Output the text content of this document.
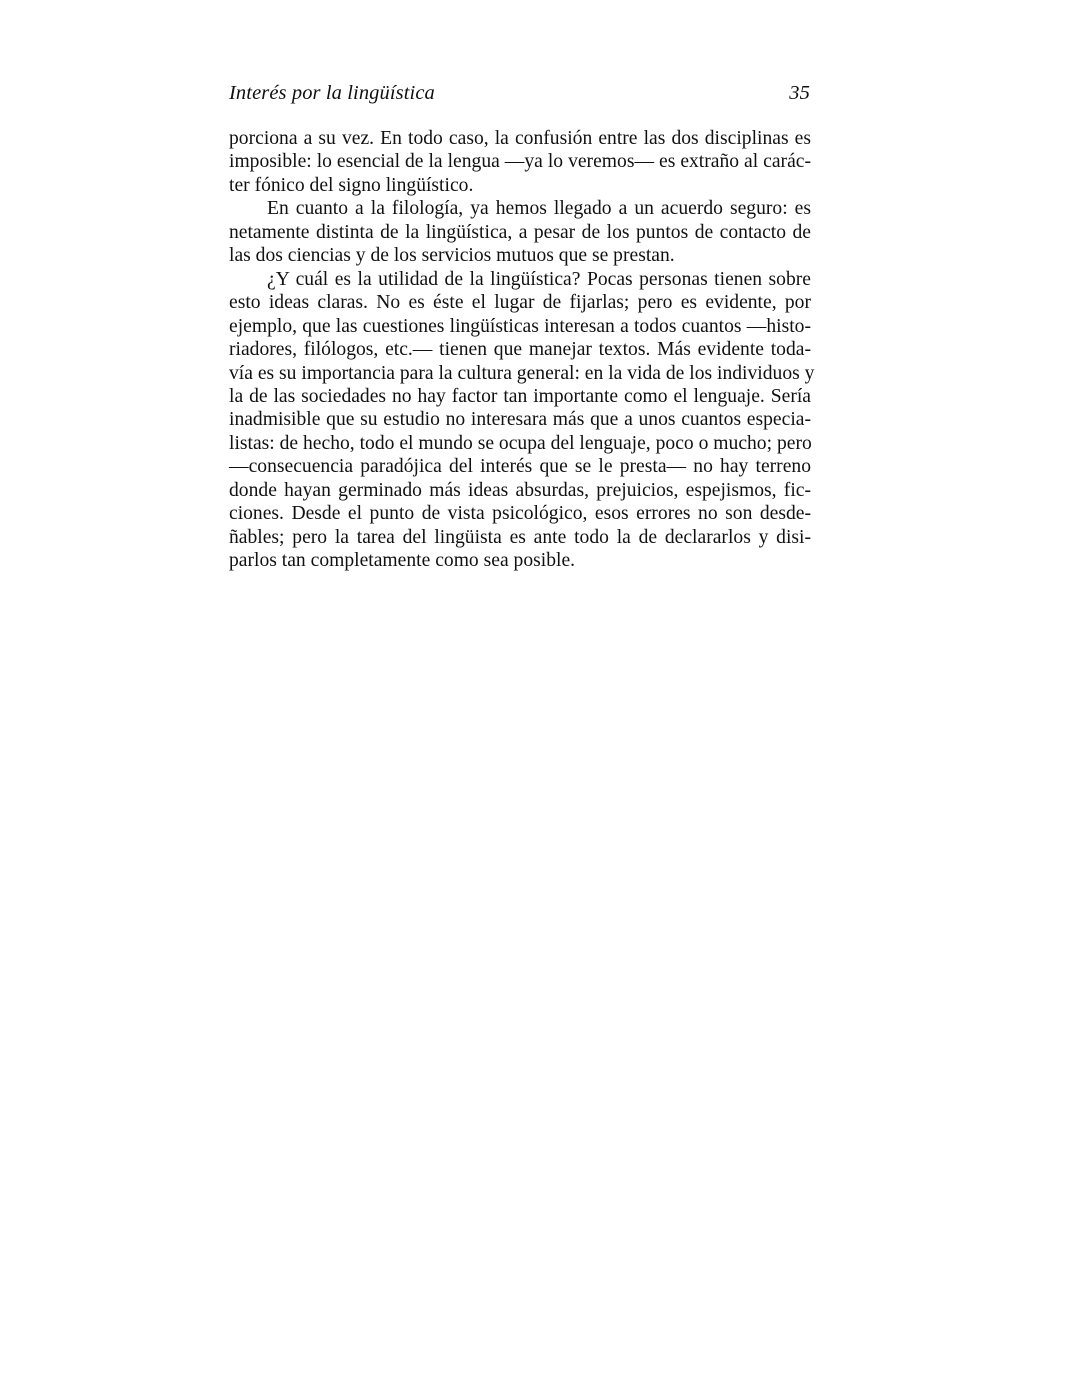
Interés por la lingüística	35

porciona a su vez. En todo caso, la confusión entre las dos disciplinas es
imposible: lo esencial de la lengua —ya lo veremos— es extraño al carác-
ter fónico del signo lingüístico.

En cuanto a la filología, ya hemos llegado a un acuerdo seguro: es
netamente distinta de la lingüística, a pesar de los puntos de contacto de
las dos ciencias y de los servicios mutuos que se prestan.

¿Y cuál es la utilidad de la lingüística? Pocas personas tienen sobre
esto ideas claras. No es éste el lugar de fijarlas; pero es evidente, por
ejemplo, que las cuestiones lingüísticas interesan a todos cuantos —histo-
riadores, filólogos, etc.— tienen que manejar textos. Más evidente toda-
vía es su importancia para la cultura general: en la vida de los individuos y
la de las sociedades no hay factor tan importante como el lenguaje. Sería
inadmisible que su estudio no interesara más que a unos cuantos especia-
listas: de hecho, todo el mundo se ocupa del lenguaje, poco o mucho; pero
—consecuencia paradójica del interés que se le presta— no hay terreno
donde hayan germinado más ideas absurdas, prejuicios, espejismos, fic-
ciones. Desde el punto de vista psicológico, esos errores no son desde-
ñables; pero la tarea del lingüista es ante todo la de declararlos y disi-
parlos tan completamente como sea posible.
